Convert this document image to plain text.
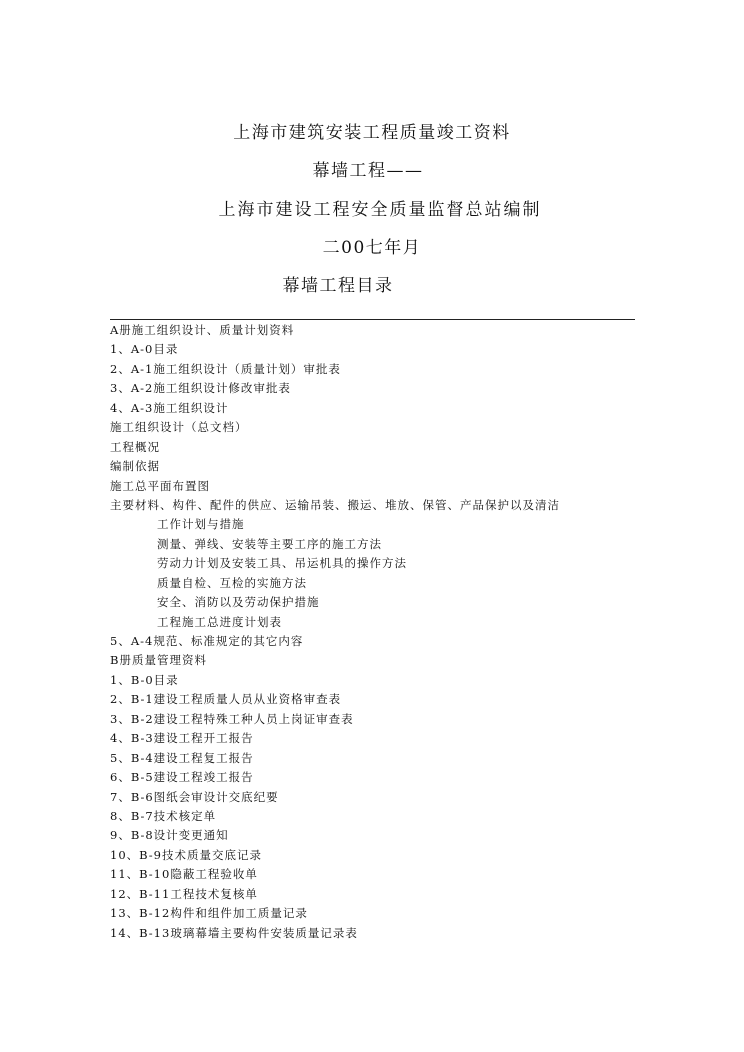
上海市建筑安装工程质量竣工资料
幕墙工程——
上海市建设工程安全质量监督总站编制
二00七年月
幕墙工程目录
A册施工组织设计、质量计划资料
1、A-0目录
2、A-1施工组织设计（质量计划）审批表
3、A-2施工组织设计修改审批表
4、A-3施工组织设计
施工组织设计（总文档）
工程概况
编制依据
施工总平面布置图
主要材料、构件、配件的供应、运输吊装、搬运、堆放、保管、产品保护以及清洁
工作计划与措施
测量、弹线、安装等主要工序的施工方法
劳动力计划及安装工具、吊运机具的操作方法
质量自检、互检的实施方法
安全、消防以及劳动保护措施
工程施工总进度计划表
5、A-4规范、标准规定的其它内容
B册质量管理资料
1、B-0目录
2、B-1建设工程质量人员从业资格审查表
3、B-2建设工程特殊工种人员上岗证审查表
4、B-3建设工程开工报告
5、B-4建设工程复工报告
6、B-5建设工程竣工报告
7、B-6图纸会审设计交底纪要
8、B-7技术核定单
9、B-8设计变更通知
10、B-9技术质量交底记录
11、B-10隐蔽工程验收单
12、B-11工程技术复核单
13、B-12构件和组件加工质量记录
14、B-13玻璃幕墙主要构件安装质量记录表
